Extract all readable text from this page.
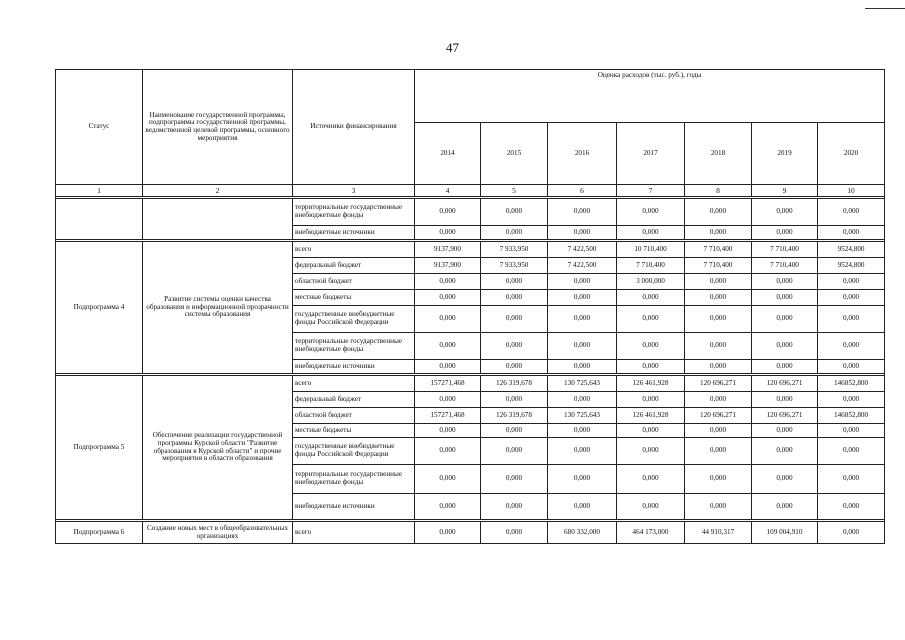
47
Статус	Наименование государственной программы, подпрограммы государственной программы, ведомственной целевой программы, основного мероприятия	Источники финансирования	Оценка расходов (тыс. руб.), годы						
			2014	2015	2016	2017	2018	2019	2020
1	2	3	4	5	6	7	8	9	10

		территориальные государственные внебюджетные фонды	0,000	0,000	0,000	0,000	0,000	0,000	0,000
		внебюджетные источники	0,000	0,000	0,000	0,000	0,000	0,000	0,000

Подпрограмма 4	Развитие системы оценки качества образования и информационной прозрачности системы образования	всего	9137,900	7 933,950	7 422,500	10 710,400	7 710,400	7 710,400	9524,800
		федеральный бюджет	9137,900	7 933,950	7 422,500	7 710,400	7 710,400	7 710,400	9524,800
		областной бюджет	0,000	0,000	0,000	3 000,000	0,000	0,000	0,000
		местные бюджеты	0,000	0,000	0,000	0,000	0,000	0,000	0,000
		государственные внебюджетные фонды Российской Федерации	0,000	0,000	0,000	0,000	0,000	0,000	0,000
		территориальные государственные внебюджетные фонды	0,000	0,000	0,000	0,000	0,000	0,000	0,000
		внебюджетные источники	0,000	0,000	0,000	0,000	0,000	0,000	0,000

Подпрограмма 5	Обеспечение реализации государственной программы Курской области "Развитие образования в Курской области" и прочие мероприятия в области образования	всего	157271,468	126 319,678	130 725,643	126 461,928	120 696,271	120 696,271	146852,800
		федеральный бюджет	0,000	0,000	0,000	0,000	0,000	0,000	0,000
		областной бюджет	157271,468	126 319,678	130 725,643	126 461,928	120 696,271	120 696,271	146852,800
		местные бюджеты	0,000	0,000	0,000	0,000	0,000	0,000	0,000
		государственные внебюджетные фонды Российской Федерации	0,000	0,000	0,000	0,000	0,000	0,000	0,000
		территориальные государственные внебюджетные фонды	0,000	0,000	0,000	0,000	0,000	0,000	0,000
		внебюджетные источники	0,000	0,000	0,000	0,000	0,000	0,000	0,000

Подпрограмма 6	Создание новых мест в общеобразовательных организациях	всего	0,000	0,000	680 332,000	464 173,000	44 910,317	109 004,910	0,000
